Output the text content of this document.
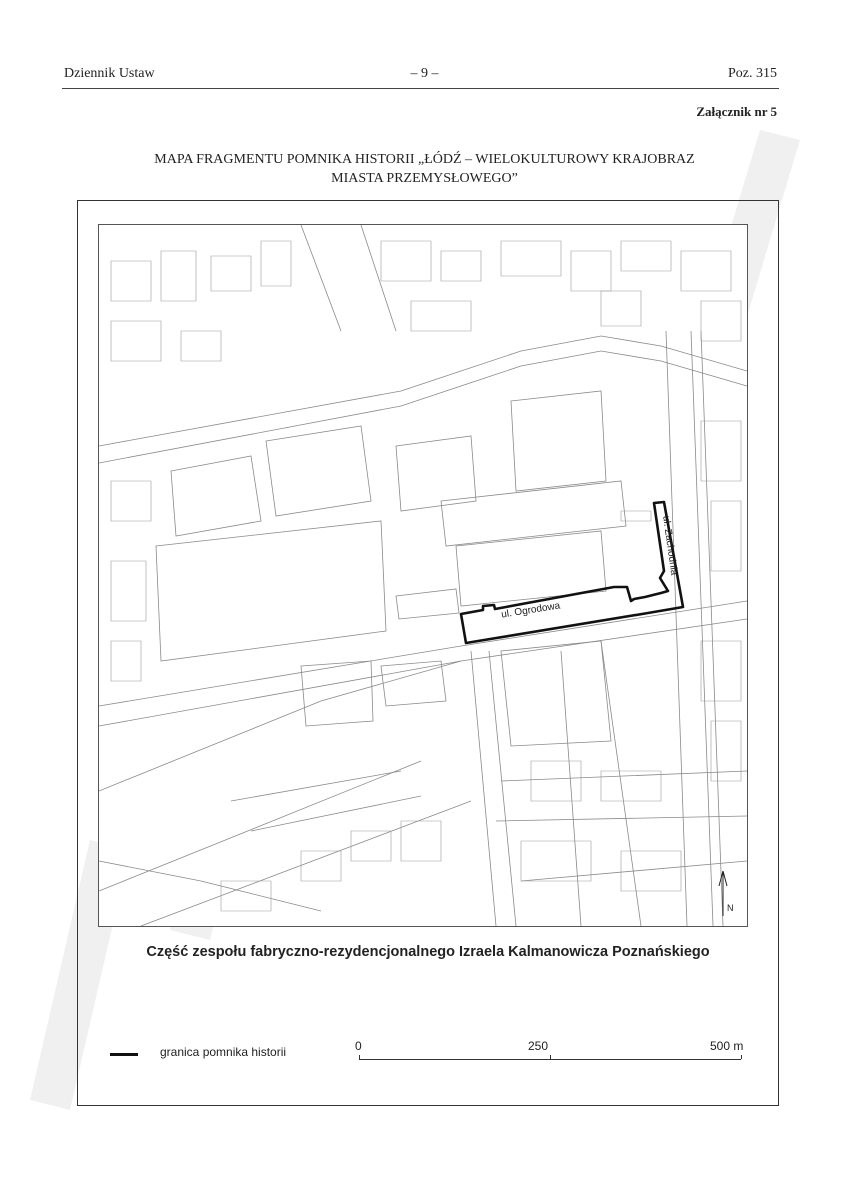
Dziennik Ustaw	– 9 –	Poz. 315
Załącznik nr 5
MAPA FRAGMENTU POMNIKA HISTORII „ŁÓDŹ – WIELOKULTUROWY KRAJOBRAZ
MIASTA PRZEMYSŁOWEGO”
ul. Zachodnia
ul. Ogrodowa
N
Część zespołu fabryczno-rezydencjonalnego Izraela Kalmanowicza Poznańskiego
granica pomnika historii	0	250	500 m
